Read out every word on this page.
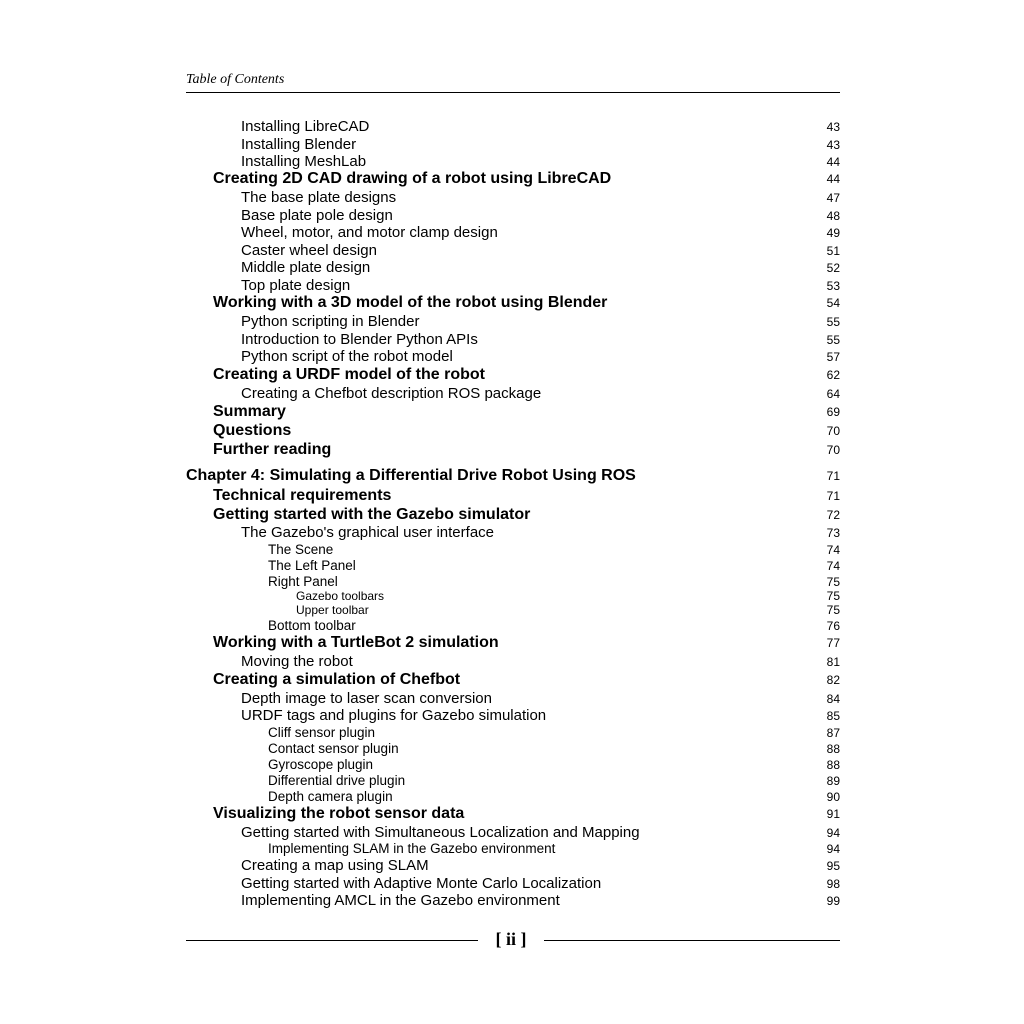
Table of Contents
Installing LibreCAD	43
Installing Blender	43
Installing MeshLab	44
Creating 2D CAD drawing of a robot using LibreCAD	44
The base plate designs	47
Base plate pole design	48
Wheel, motor, and motor clamp design	49
Caster wheel design	51
Middle plate design	52
Top plate design	53
Working with a 3D model of the robot using Blender	54
Python scripting in Blender	55
Introduction to Blender Python APIs	55
Python script of the robot model	57
Creating a URDF model of the robot	62
Creating a Chefbot description ROS package	64
Summary	69
Questions	70
Further reading	70
Chapter 4: Simulating a Differential Drive Robot Using ROS	71
Technical requirements	71
Getting started with the Gazebo simulator	72
The Gazebo's graphical user interface	73
The Scene	74
The Left Panel	74
Right Panel	75
Gazebo toolbars	75
Upper toolbar	75
Bottom toolbar	76
Working with a TurtleBot 2 simulation	77
Moving the robot	81
Creating a simulation of Chefbot	82
Depth image to laser scan conversion	84
URDF tags and plugins for Gazebo simulation	85
Cliff sensor plugin	87
Contact sensor plugin	88
Gyroscope plugin	88
Differential drive plugin	89
Depth camera plugin	90
Visualizing the robot sensor data	91
Getting started with Simultaneous Localization and Mapping	94
Implementing SLAM in the Gazebo environment	94
Creating a map using SLAM	95
Getting started with Adaptive Monte Carlo Localization	98
Implementing AMCL in the Gazebo environment	99
[ ii ]
